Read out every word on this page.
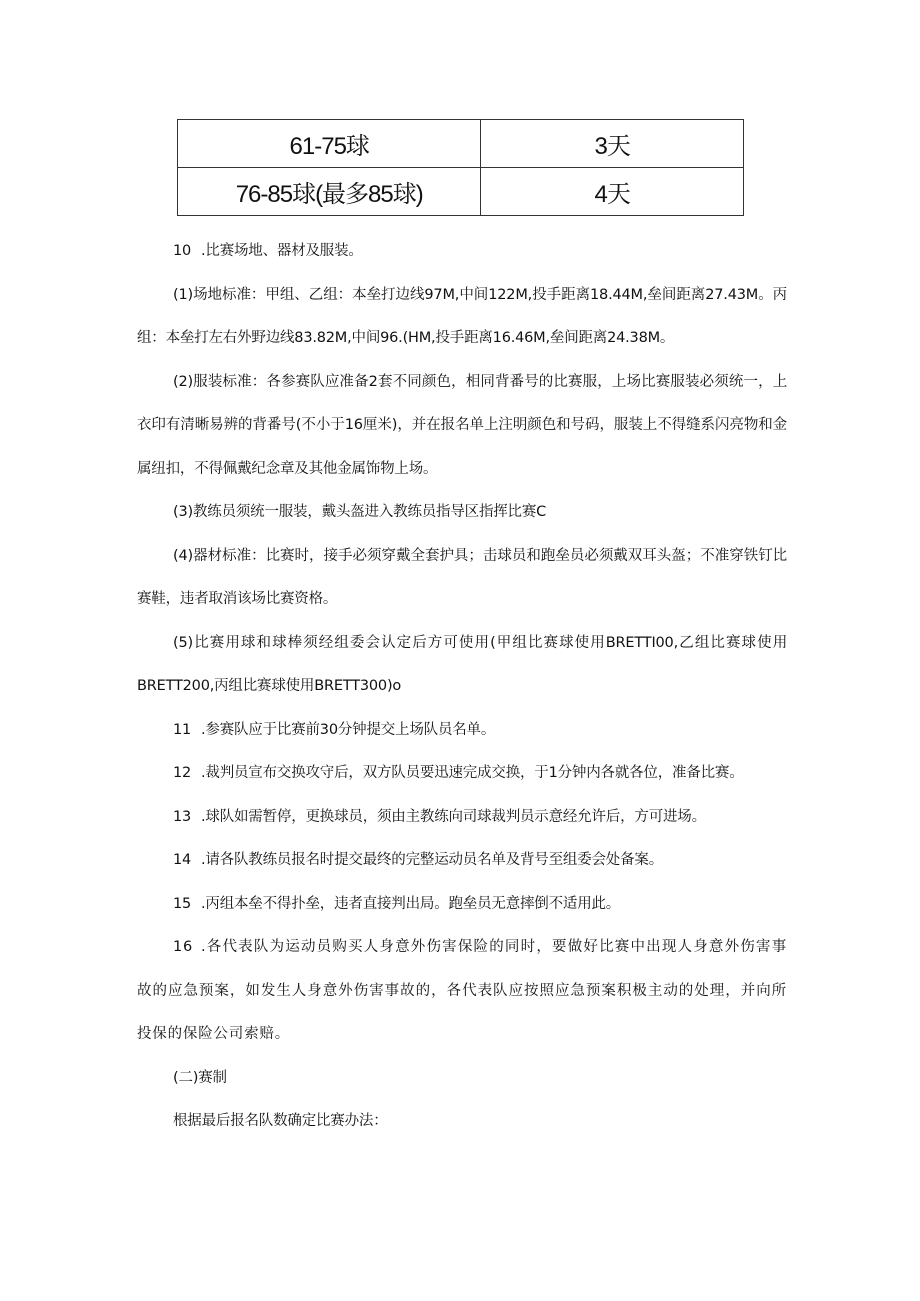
61-75球	3天
76-85球(最多85球)	4天

10 .比赛场地、器材及服装。

(1)场地标准：甲组、乙组：本垒打边线97M,中间122M,投手距离18.44M,垒间距离27.43M。丙组：本垒打左右外野边线83.82M,中间96.(HM,投手距离16.46M,垒间距离24.38M。

(2)服装标准：各参赛队应准备2套不同颜色，相同背番号的比赛服，上场比赛服装必须统一，上衣印有清晰易辨的背番号(不小于16厘米)，并在报名单上注明颜色和号码，服装上不得缝系闪亮物和金属纽扣，不得佩戴纪念章及其他金属饰物上场。

(3)教练员须统一服装，戴头盔进入教练员指导区指挥比赛C

(4)器材标准：比赛时，接手必须穿戴全套护具；击球员和跑垒员必须戴双耳头盔；不准穿铁钉比赛鞋，违者取消该场比赛资格。

(5)比赛用球和球棒须经组委会认定后方可使用(甲组比赛球使用BRETTI00,乙组比赛球使用BRETT200,丙组比赛球使用BRETT300)o

11 .参赛队应于比赛前30分钟提交上场队员名单。

12 .裁判员宣布交换攻守后，双方队员要迅速完成交换，于1分钟内各就各位，准备比赛。

13 .球队如需暂停，更换球员，须由主教练向司球裁判员示意经允许后，方可进场。

14 .请各队教练员报名时提交最终的完整运动员名单及背号至组委会处备案。

15 .丙组本垒不得扑垒，违者直接判出局。跑垒员无意摔倒不适用此。

16 .各代表队为运动员购买人身意外伤害保险的同时，要做好比赛中出现人身意外伤害事故的应急预案，如发生人身意外伤害事故的，各代表队应按照应急预案积极主动的处理，并向所投保的保险公司索赔。

(二)赛制

根据最后报名队数确定比赛办法：
